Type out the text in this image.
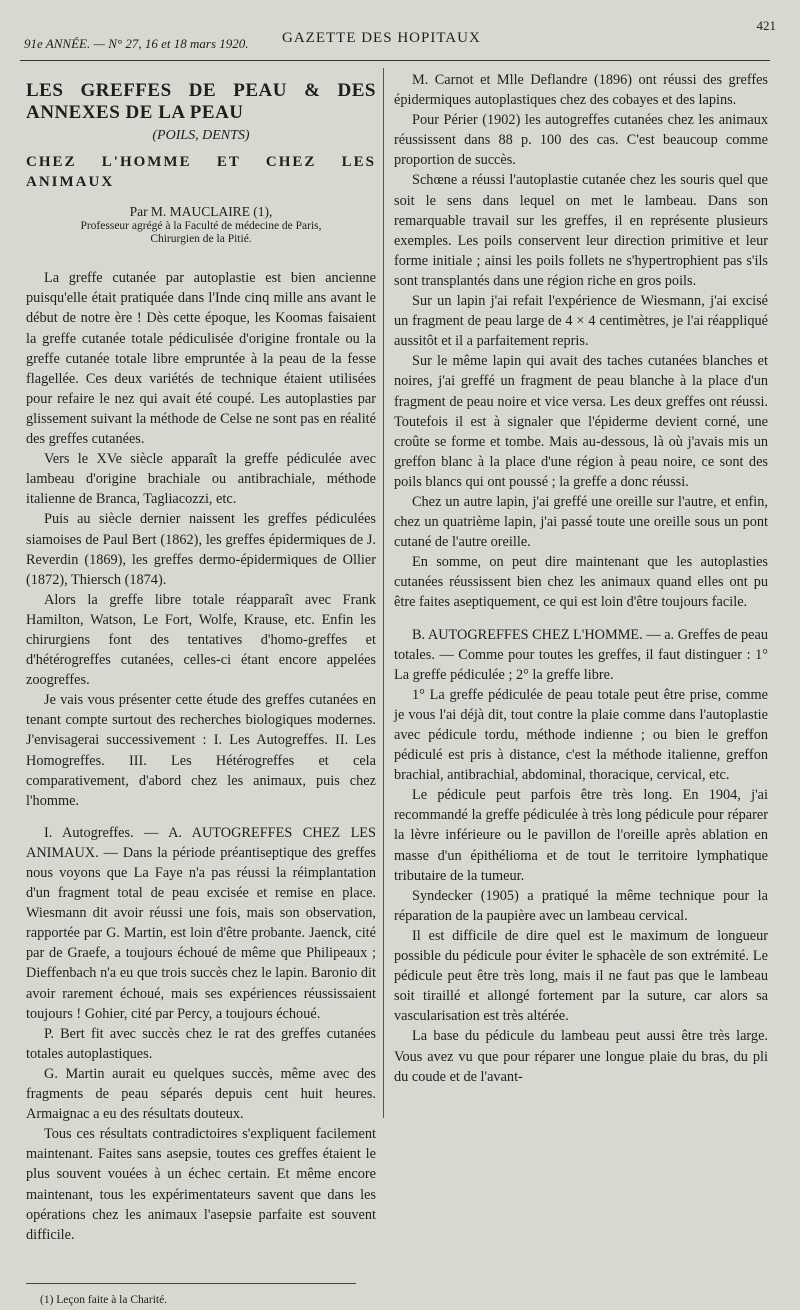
91e ANNÉE. — N° 27, 16 et 18 mars 1920. GAZETTE DES HOPITAUX
421
LES GREFFES DE PEAU & DES ANNEXES DE LA PEAU
(POILS, DENTS)
CHEZ L'HOMME ET CHEZ LES ANIMAUX
Par M. MAUCLAIRE (1),
Professeur agrégé à la Faculté de médecine de Paris,
Chirurgien de la Pitié.

La greffe cutanée par autoplastie est bien ancienne puisqu'elle était pratiquée dans l'Inde cinq mille ans avant le début de notre ère ! Dès cette époque, les Koomas faisaient la greffe cutanée totale pédiculisée d'origine frontale ou la greffe cutanée totale libre empruntée à la peau de la fesse flagellée. Ces deux variétés de technique étaient utilisées pour refaire le nez qui avait été coupé. Les autoplasties par glissement suivant la méthode de Celse ne sont pas en réalité des greffes cutanées.

Vers le XVe siècle apparaît la greffe pédiculée avec lambeau d'origine brachiale ou antibrachiale, méthode italienne de Branca, Tagliacozzi, etc.

Puis au siècle dernier naissent les greffes pédiculées siamoises de Paul Bert (1862), les greffes épidermiques de J. Reverdin (1869), les greffes dermo-épidermiques de Ollier (1872), Thiersch (1874).

Alors la greffe libre totale réapparaît avec Frank Hamilton, Watson, Le Fort, Wolfe, Krause, etc. Enfin les chirurgiens font des tentatives d'homo-greffes et d'hétérogreffes cutanées, celles-ci étant encore appelées zoogreffes.

Je vais vous présenter cette étude des greffes cutanées en tenant compte surtout des recherches biologiques modernes. J'envisagerai successivement : I. Les Autogreffes. II. Les Homogreffes. III. Les Hétérogreffes et cela comparativement, d'abord chez les animaux, puis chez l'homme.

I. Autogreffes. — A. AUTOGREFFES CHEZ LES ANIMAUX. — Dans la période préantiseptique des greffes nous voyons que La Faye n'a pas réussi la réimplantation d'un fragment total de peau excisée et remise en place. Wiesmann dit avoir réussi une fois, mais son observation, rapportée par G. Martin, est loin d'être probante. Jaenck, cité par de Graefe, a toujours échoué de même que Philipeaux ; Dieffenbach n'a eu que trois succès chez le lapin. Baronio dit avoir rarement échoué, mais ses expériences réussissaient toujours ! Gohier, cité par Percy, a toujours échoué.

P. Bert fit avec succès chez le rat des greffes cutanées totales autoplastiques.

G. Martin aurait eu quelques succès, même avec des fragments de peau séparés depuis cent huit heures. Armaignac a eu des résultats douteux.

Tous ces résultats contradictoires s'expliquent facilement maintenant. Faites sans asepsie, toutes ces greffes étaient le plus souvent vouées à un échec certain. Et même encore maintenant, tous les expérimentateurs savent que dans les opérations chez les animaux l'asepsie parfaite est souvent difficile.

(1) Leçon faite à la Charité.

M. Carnot et Mlle Deflandre (1896) ont réussi des greffes épidermiques autoplastiques chez des cobayes et des lapins.

Pour Périer (1902) les autogreffes cutanées chez les animaux réussissent dans 88 p. 100 des cas. C'est beaucoup comme proportion de succès.

Schœne a réussi l'autoplastie cutanée chez les souris quel que soit le sens dans lequel on met le lambeau. Dans son remarquable travail sur les greffes, il en représente plusieurs exemples. Les poils conservent leur direction primitive et leur forme initiale ; ainsi les poils follets ne s'hypertrophient pas s'ils sont transplantés dans une région riche en gros poils.

Sur un lapin j'ai refait l'expérience de Wiesmann, j'ai excisé un fragment de peau large de 4 × 4 centimètres, je l'ai réappliqué aussitôt et il a parfaitement repris.

Sur le même lapin qui avait des taches cutanées blanches et noires, j'ai greffé un fragment de peau blanche à la place d'un fragment de peau noire et vice versa. Les deux greffes ont réussi. Toutefois il est à signaler que l'épiderme devient corné, une croûte se forme et tombe. Mais au-dessous, là où j'avais mis un greffon blanc à la place d'une région à peau noire, ce sont des poils blancs qui ont poussé ; la greffe a donc réussi.

Chez un autre lapin, j'ai greffé une oreille sur l'autre, et enfin, chez un quatrième lapin, j'ai passé toute une oreille sous un pont cutané de l'autre oreille.

En somme, on peut dire maintenant que les autoplasties cutanées réussissent bien chez les animaux quand elles ont pu être faites aseptiquement, ce qui est loin d'être toujours facile.

B. AUTOGREFFES CHEZ L'HOMME. — a. Greffes de peau totales. — Comme pour toutes les greffes, il faut distinguer : 1° La greffe pédiculée ; 2° la greffe libre.

1° La greffe pédiculée de peau totale peut être prise, comme je vous l'ai déjà dit, tout contre la plaie comme dans l'autoplastie avec pédicule tordu, méthode indienne ; ou bien le greffon pédiculé est pris à distance, c'est la méthode italienne, greffon brachial, antibrachial, abdominal, thoracique, cervical, etc.

Le pédicule peut parfois être très long. En 1904, j'ai recommandé la greffe pédiculée à très long pédicule pour réparer la lèvre inférieure ou le pavillon de l'oreille après ablation en masse d'un épithélioma et de tout le territoire lymphatique tributaire de la tumeur.

Syndecker (1905) a pratiqué la même technique pour la réparation de la paupière avec un lambeau cervical.

Il est difficile de dire quel est le maximum de longueur possible du pédicule pour éviter le sphacèle de son extrémité. Le pédicule peut être très long, mais il ne faut pas que le lambeau soit tiraillé et allongé fortement par la suture, car alors sa vascularisation est très altérée.

La base du pédicule du lambeau peut aussi être très large. Vous avez vu que pour réparer une longue plaie du bras, du pli du coude et de l'avant-
